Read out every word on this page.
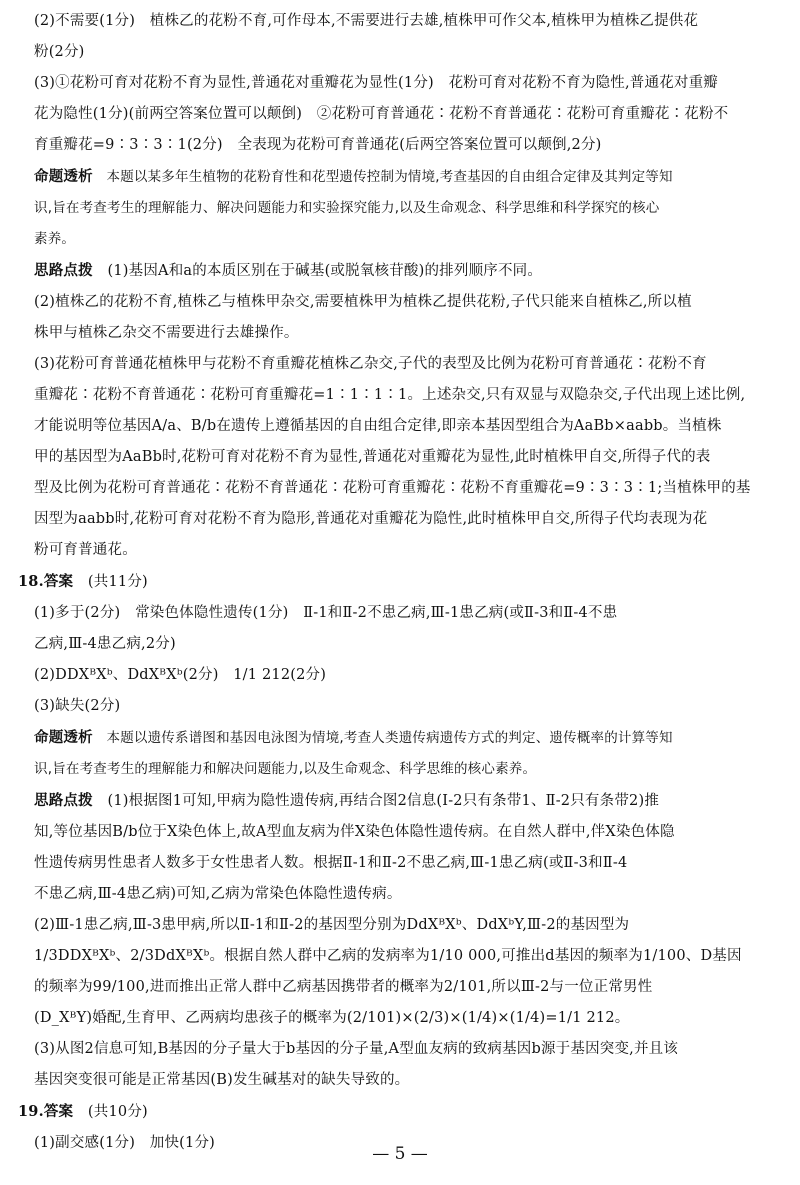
(2)不需要(1分)　植株乙的花粉不育,可作母本,不需要进行去雄,植株甲可作父本,植株甲为植株乙提供花

粉(2分)

(3)①花粉可育对花粉不育为显性,普通花对重瓣花为显性(1分)　花粉可育对花粉不育为隐性,普通花对重瓣

花为隐性(1分)(前两空答案位置可以颠倒)　②花粉可育普通花∶花粉不育普通花∶花粉可育重瓣花∶花粉不

育重瓣花=9∶3∶3∶1(2分)　全表现为花粉可育普通花(后两空答案位置可以颠倒,2分)

命题透析　本题以某多年生植物的花粉育性和花型遗传控制为情境,考查基因的自由组合定律及其判定等知

识,旨在考查考生的理解能力、解决问题能力和实验探究能力,以及生命观念、科学思维和科学探究的核心

素养。

思路点拨　(1)基因A和a的本质区别在于碱基(或脱氧核苷酸)的排列顺序不同。

(2)植株乙的花粉不育,植株乙与植株甲杂交,需要植株甲为植株乙提供花粉,子代只能来自植株乙,所以植

株甲与植株乙杂交不需要进行去雄操作。

(3)花粉可育普通花植株甲与花粉不育重瓣花植株乙杂交,子代的表型及比例为花粉可育普通花∶花粉不育

重瓣花∶花粉不育普通花∶花粉可育重瓣花=1∶1∶1∶1。上述杂交,只有双显与双隐杂交,子代出现上述比例,

才能说明等位基因A/a、B/b在遗传上遵循基因的自由组合定律,即亲本基因型组合为AaBb×aabb。当植株

甲的基因型为AaBb时,花粉可育对花粉不育为显性,普通花对重瓣花为显性,此时植株甲自交,所得子代的表

型及比例为花粉可育普通花∶花粉不育普通花∶花粉可育重瓣花∶花粉不育重瓣花=9∶3∶3∶1;当植株甲的基

因型为aabb时,花粉可育对花粉不育为隐形,普通花对重瓣花为隐性,此时植株甲自交,所得子代均表现为花

粉可育普通花。

18.答案　(共11分)

(1)多于(2分)　常染色体隐性遗传(1分)　Ⅱ-1和Ⅱ-2不患乙病,Ⅲ-1患乙病(或Ⅱ-3和Ⅱ-4不患

乙病,Ⅲ-4患乙病,2分)

(2)DDXᴮXᵇ、DdXᴮXᵇ(2分)　1/1 212(2分)

(3)缺失(2分)

命题透析　本题以遗传系谱图和基因电泳图为情境,考查人类遗传病遗传方式的判定、遗传概率的计算等知

识,旨在考查考生的理解能力和解决问题能力,以及生命观念、科学思维的核心素养。

思路点拨　(1)根据图1可知,甲病为隐性遗传病,再结合图2信息(Ⅰ-2只有条带1、Ⅱ-2只有条带2)推

知,等位基因B/b位于X染色体上,故A型血友病为伴X染色体隐性遗传病。在自然人群中,伴X染色体隐

性遗传病男性患者人数多于女性患者人数。根据Ⅱ-1和Ⅱ-2不患乙病,Ⅲ-1患乙病(或Ⅱ-3和Ⅱ-4

不患乙病,Ⅲ-4患乙病)可知,乙病为常染色体隐性遗传病。

(2)Ⅲ-1患乙病,Ⅲ-3患甲病,所以Ⅱ-1和Ⅱ-2的基因型分别为DdXᴮXᵇ、DdXᵇY,Ⅲ-2的基因型为

1/3DDXᴮXᵇ、2/3DdXᴮXᵇ。根据自然人群中乙病的发病率为1/10 000,可推出d基因的频率为1/100、D基因

的频率为99/100,进而推出正常人群中乙病基因携带者的概率为2/101,所以Ⅲ-2与一位正常男性

(D_XᴮY)婚配,生育甲、乙两病均患孩子的概率为(2/101)×(2/3)×(1/4)×(1/4)=1/1 212。

(3)从图2信息可知,B基因的分子量大于b基因的分子量,A型血友病的致病基因b源于基因突变,并且该

基因突变很可能是正常基因(B)发生碱基对的缺失导致的。

19.答案　(共10分)

(1)副交感(1分)　加快(1分)

— 5 —
